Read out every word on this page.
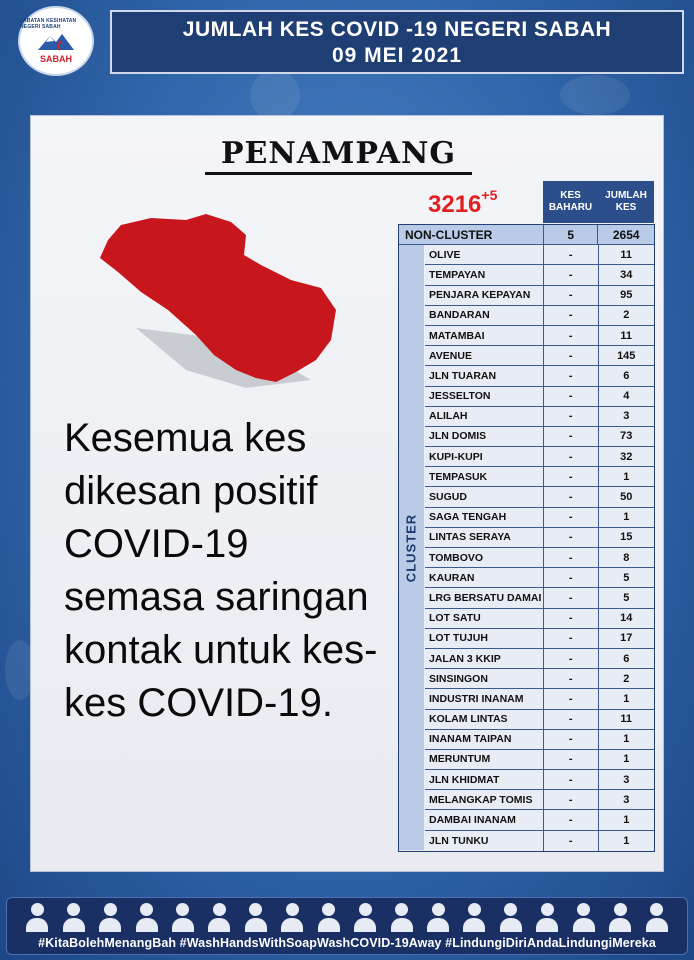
JABATAN KESIHATAN NEGERI SABAH
SABAH
JUMLAH KES COVID -19 NEGERI SABAH
09 MEI 2021
PENAMPANG
Kesemua kes dikesan positif COVID-19 semasa saringan kontak untuk kes-kes COVID-19.
$3216^{+5}$	KES BAHARU
JUMLAH KES
CLUSTER
NON-CLUSTER	5	2654
OLIVE	-	11
TEMPAYAN	-	34
PENJARA KEPAYAN	-	95
BANDARAN	-	2
MATAMBAI	-	11
AVENUE	-	145
JLN TUARAN	-	6
JESSELTON	-	4
ALILAH	-	3
JLN DOMIS	-	73
KUPI-KUPI	-	32
TEMPASUK	-	1
SUGUD	-	50
SAGA TENGAH	-	1
LINTAS SERAYA	-	15
TOMBOVO	-	8
KAURAN	-	5
LRG BERSATU DAMAI	-	5
LOT SATU	-	14
LOT TUJUH	-	17
JALAN 3 KKIP	-	6
SINSINGON	-	2
INDUSTRI INANAM	-	1
KOLAM LINTAS	-	11
INANAM TAIPAN	-	1
MERUNTUM	-	1
JLN KHIDMAT	-	3
MELANGKAP TOMIS	-	3
DAMBAI INANAM	-	1
JLN TUNKU	-	1
#KitaBolehMenangBah #WashHandsWithSoapWashCOVID-19Away #LindungiDiriAndaLindungiMereka
